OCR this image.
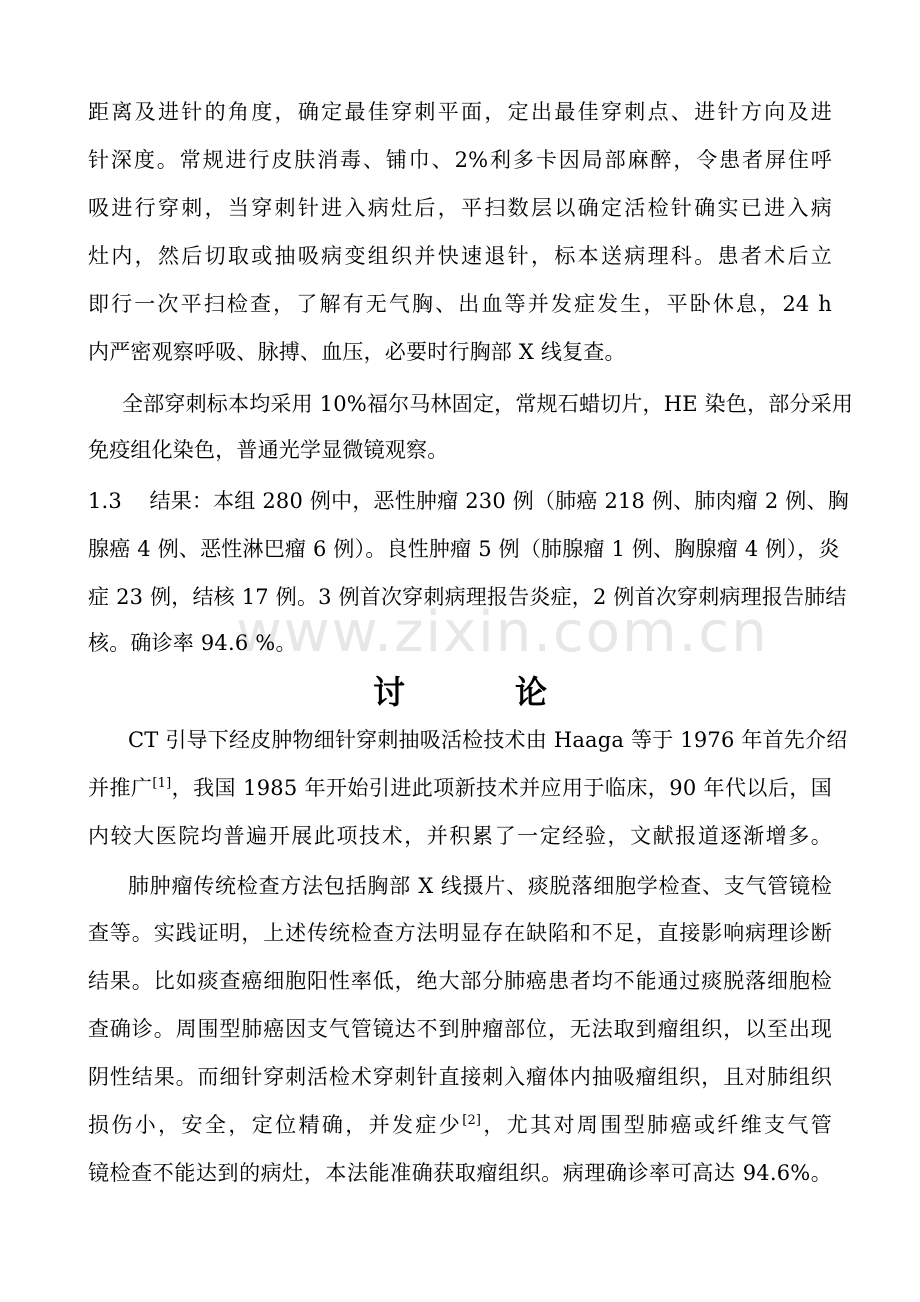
www.zixin.com.cn
距离及进针的角度，确定最佳穿刺平面，定出最佳穿刺点、进针方向及进
针深度。常规进行皮肤消毒、铺巾、2%利多卡因局部麻醉，令患者屏住呼
吸进行穿刺，当穿刺针进入病灶后，平扫数层以确定活检针确实已进入病
灶内，然后切取或抽吸病变组织并快速退针，标本送病理科。患者术后立
即行一次平扫检查，了解有无气胸、出血等并发症发生，平卧休息，24 h
内严密观察呼吸、脉搏、血压，必要时行胸部 X 线复查。
全部穿刺标本均采用 10%福尔马林固定，常规石蜡切片，HE 染色，部分采用
免疫组化染色，普通光学显微镜观察。
1.3    结果：本组 280 例中，恶性肿瘤 230 例（肺癌 218 例、肺肉瘤 2 例、胸
腺癌 4 例、恶性淋巴瘤 6 例）。良性肿瘤 5 例（肺腺瘤 1 例、胸腺瘤 4 例），炎
症 23 例，结核 17 例。3 例首次穿刺病理报告炎症，2 例首次穿刺病理报告肺结
核。确诊率 94.6 %。
讨论
CT 引导下经皮肿物细针穿刺抽吸活检技术由 Haaga 等于 1976 年首先介绍
并推广[1]，我国 1985 年开始引进此项新技术并应用于临床，90 年代以后，国
内较大医院均普遍开展此项技术，并积累了一定经验，文献报道逐渐增多。
肺肿瘤传统检查方法包括胸部 X 线摄片、痰脱落细胞学检查、支气管镜检
查等。实践证明，上述传统检查方法明显存在缺陷和不足，直接影响病理诊断
结果。比如痰查癌细胞阳性率低，绝大部分肺癌患者均不能通过痰脱落细胞检
查确诊。周围型肺癌因支气管镜达不到肿瘤部位，无法取到瘤组织，以至出现
阴性结果。而细针穿刺活检术穿刺针直接刺入瘤体内抽吸瘤组织，且对肺组织
损伤小，安全，定位精确，并发症少[2]，尤其对周围型肺癌或纤维支气管
镜检查不能达到的病灶，本法能准确获取瘤组织。病理确诊率可高达 94.6%。
